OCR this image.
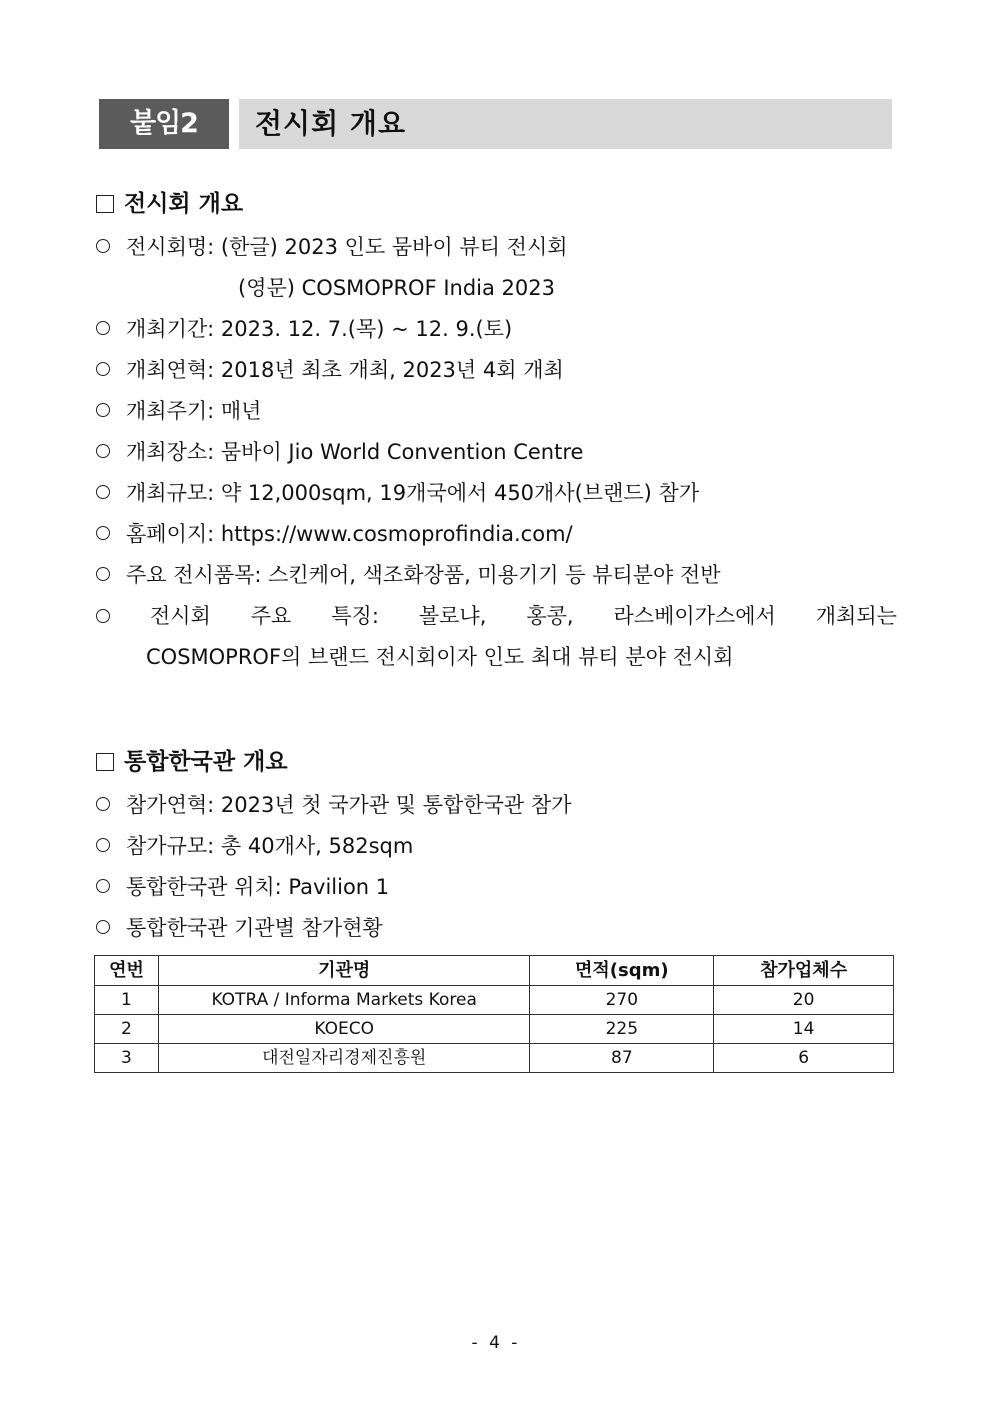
붙임2	전시회 개요
전시회 개요
전시회명: (한글) 2023 인도 뭄바이 뷰티 전시회
(영문) COSMOPROF India 2023
개최기간: 2023. 12. 7.(목) ~ 12. 9.(토)
개최연혁: 2018년 최초 개최, 2023년 4회 개최
개최주기: 매년
개최장소: 뭄바이 Jio World Convention Centre
개최규모: 약 12,000sqm, 19개국에서 450개사(브랜드) 참가
홈페이지: https://www.cosmoprofindia.com/
주요 전시품목: 스킨케어, 색조화장품, 미용기기 등 뷰티분야 전반
전시회 주요 특징: 볼로냐, 홍콩, 라스베이가스에서 개최되는
COSMOPROF의 브랜드 전시회이자 인도 최대 뷰티 분야 전시회
통합한국관 개요
참가연혁: 2023년 첫 국가관 및 통합한국관 참가
참가규모: 총 40개사, 582sqm
통합한국관 위치: Pavilion 1
통합한국관 기관별 참가현황
연번	기관명	면적(sqm)	참가업체수
1	KOTRA / Informa Markets Korea	270	20
2	KOECO	225	14
3	대전일자리경제진흥원	87	6
- 4 -
